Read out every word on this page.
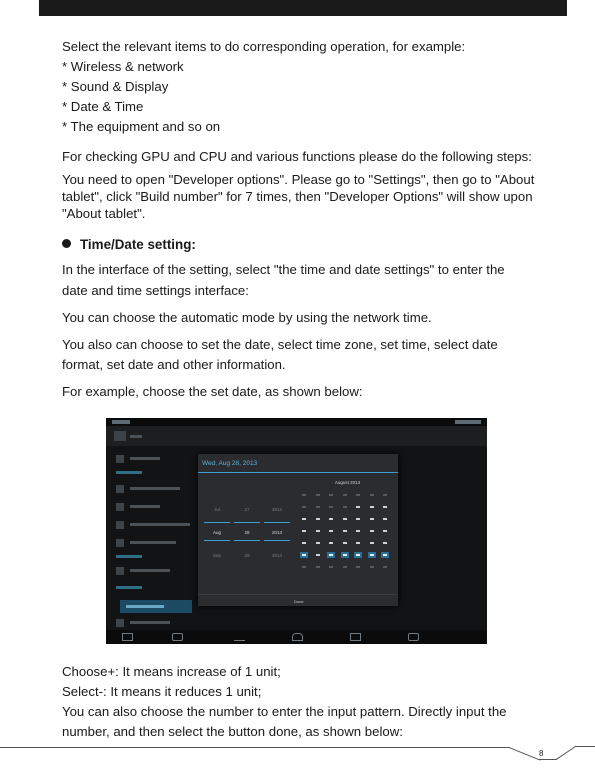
Select the relevant items to do corresponding operation, for example:

* Wireless & network

* Sound & Display

* Date & Time

* The equipment and so on

For checking GPU and CPU and various functions please do the following steps:

You need to open "Developer options". Please go to "Settings", then go to "About

tablet", click "Build number" for 7 times, then "Developer Options" will show upon

"About tablet".

Time/Date setting:

In the interface of the setting, select "the time and date settings" to enter the

date and time settings interface:

You can choose the automatic mode by using the network time.

You also can choose to set the date, select time zone, set time, select date

format, set date and other information.

For example, choose the set date, as shown below:

Wed, Aug 28, 2013
Jul	27	2012
Aug	28	2013
Sep	29	2014
August 2013
Done

Choose+: It means increase of 1 unit;

Select-: It means it reduces 1 unit;

You can also choose the number to enter the input pattern. Directly input the

number, and then select the button done, as shown below:

8
